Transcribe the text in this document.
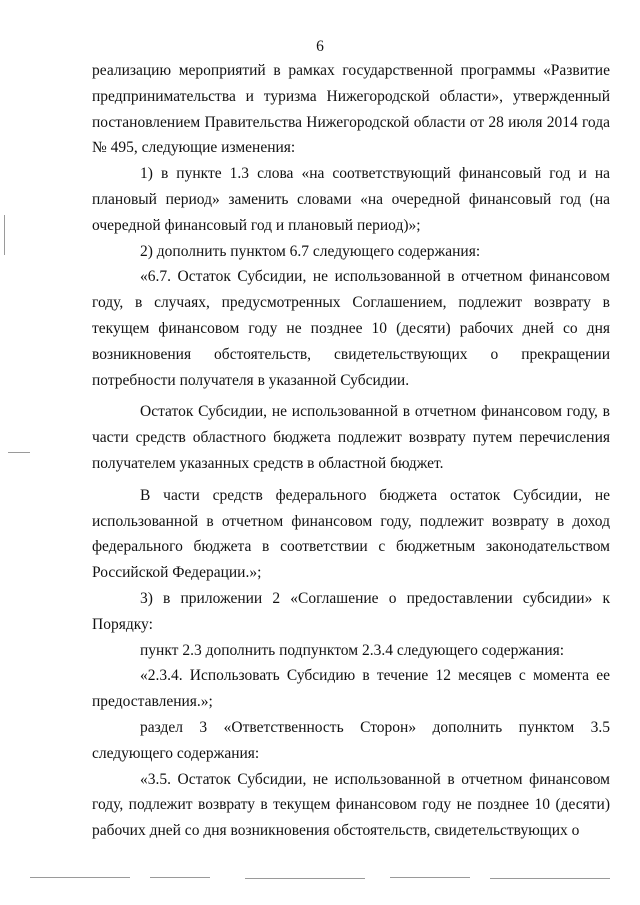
6

реализацию мероприятий в рамках государственной программы «Развитие предпринимательства и туризма Нижегородской области», утвержденный постановлением Правительства Нижегородской области от 28 июля 2014 года № 495, следующие изменения:

1) в пункте 1.3 слова «на соответствующий финансовый год и на плановый период» заменить словами «на очередной финансовый год (на очередной финансовый год и плановый период)»;

2) дополнить пунктом 6.7 следующего содержания:

«6.7. Остаток Субсидии, не использованной в отчетном финансовом году, в случаях, предусмотренных Соглашением, подлежит возврату в текущем финансовом году не позднее 10 (десяти) рабочих дней со дня возникновения обстоятельств, свидетельствующих о прекращении потребности получателя в указанной Субсидии.

Остаток Субсидии, не использованной в отчетном финансовом году, в части средств областного бюджета подлежит возврату путем перечисления получателем указанных средств в областной бюджет.

В части средств федерального бюджета остаток Субсидии, не использованной в отчетном финансовом году, подлежит возврату в доход федерального бюджета в соответствии с бюджетным законодательством Российской Федерации.»;

3) в приложении 2 «Соглашение о предоставлении субсидии» к Порядку:

пункт 2.3 дополнить подпунктом 2.3.4 следующего содержания:

«2.3.4. Использовать Субсидию в течение 12 месяцев с момента ее предоставления.»;

раздел 3 «Ответственность Сторон» дополнить пунктом 3.5 следующего содержания:

«3.5. Остаток Субсидии, не использованной в отчетном финансовом году, подлежит возврату в текущем финансовом году не позднее 10 (десяти) рабочих дней со дня возникновения обстоятельств, свидетельствующих о
